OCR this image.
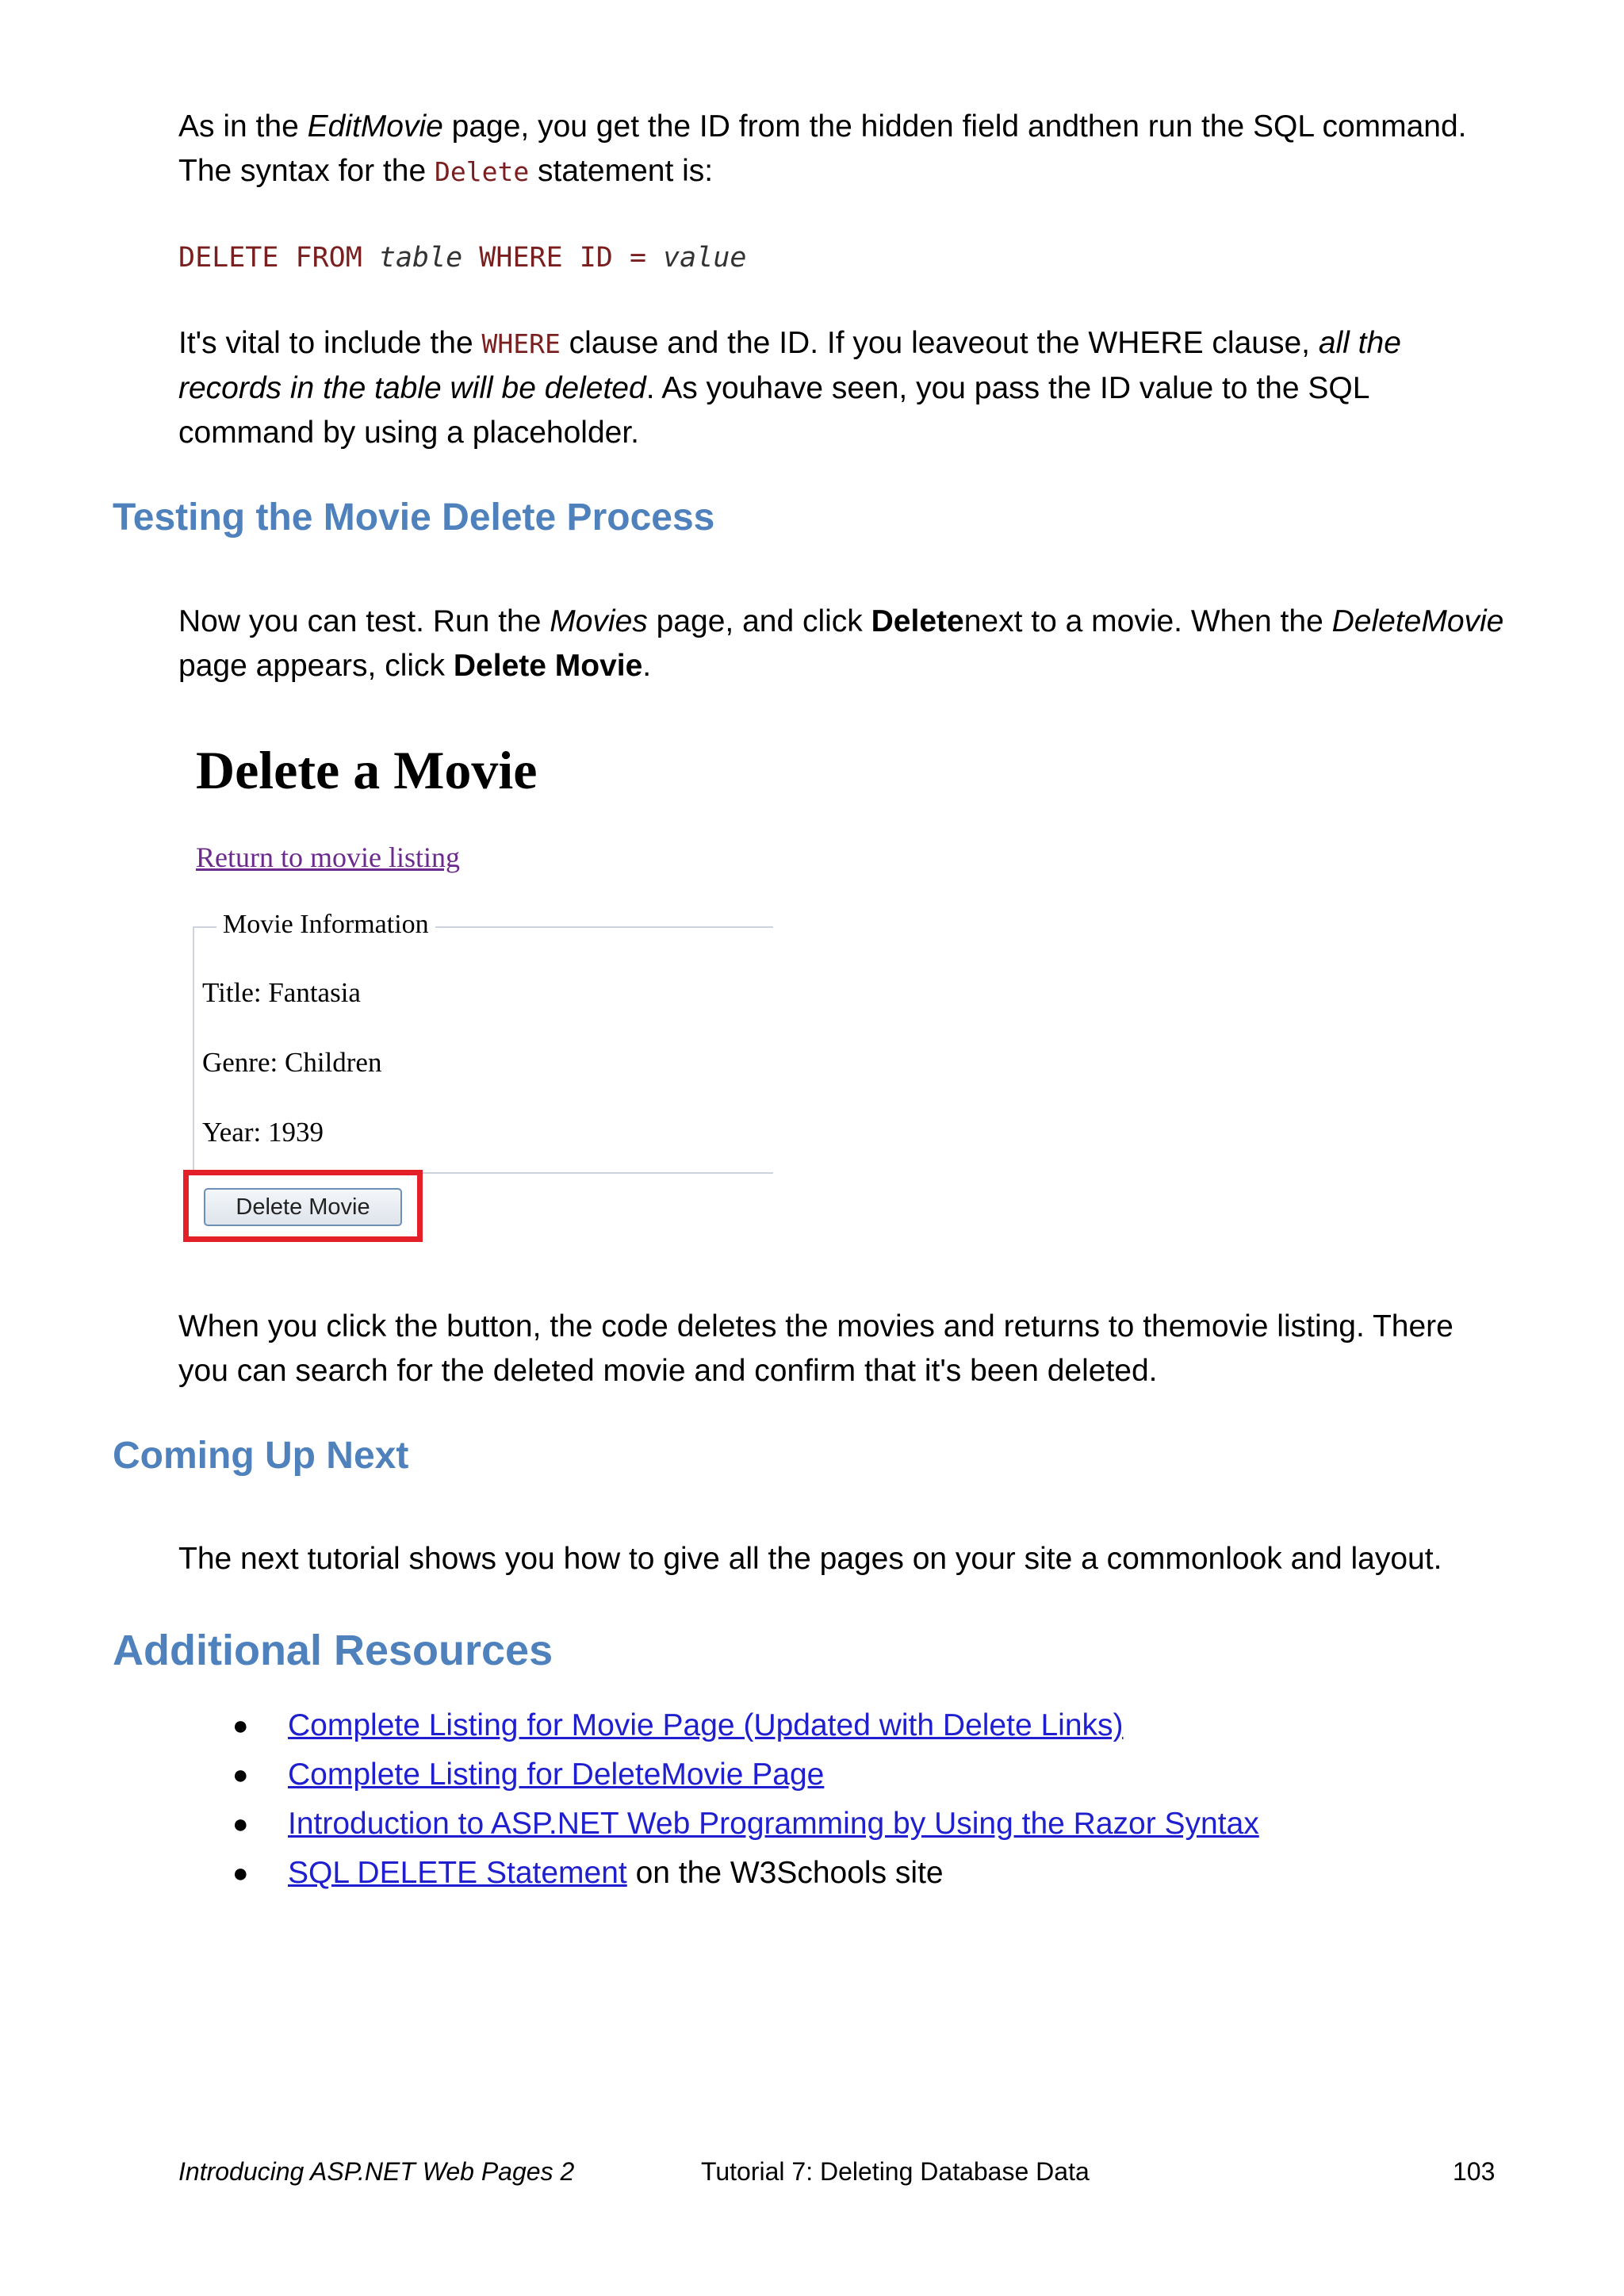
As in the EditMovie page, you get the ID from the hidden field andthen run the SQL command. The syntax for the Delete statement is:

DELETE FROM table WHERE ID = value

It's vital to include the WHERE clause and the ID. If you leaveout the WHERE clause, all the records in the table will be deleted. As youhave seen, you pass the ID value to the SQL command by using a placeholder.

Testing the Movie Delete Process

Now you can test. Run the Movies page, and click Deletenext to a movie. When the DeleteMovie page appears, click Delete Movie.

Delete a Movie
Return to movie listing
Movie Information
Title: Fantasia
Genre: Children
Year: 1939
Delete Movie

When you click the button, the code deletes the movies and returns to themovie listing. There you can search for the deleted movie and confirm that it's been deleted.

Coming Up Next

The next tutorial shows you how to give all the pages on your site a commonlook and layout.

Additional Resources
● Complete Listing for Movie Page (Updated with Delete Links)
● Complete Listing for DeleteMovie Page
● Introduction to ASP.NET Web Programming by Using the Razor Syntax
● SQL DELETE Statement on the W3Schools site
Introducing ASP.NET Web Pages 2	Tutorial 7: Deleting Database Data	103
